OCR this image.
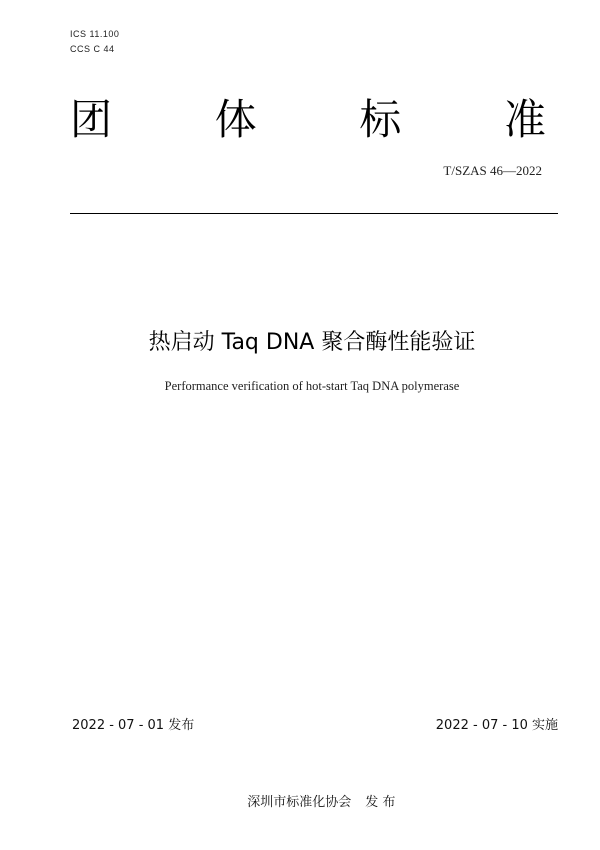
ICS 11.100
CCS C 44
团 体 标 准
T/SZAS 46—2022
热启动 Taq DNA 聚合酶性能验证
Performance verification of hot-start Taq DNA polymerase
2022 - 07 - 01 发布	2022 - 07 - 10 实施

深圳市标准化协会 发 布
